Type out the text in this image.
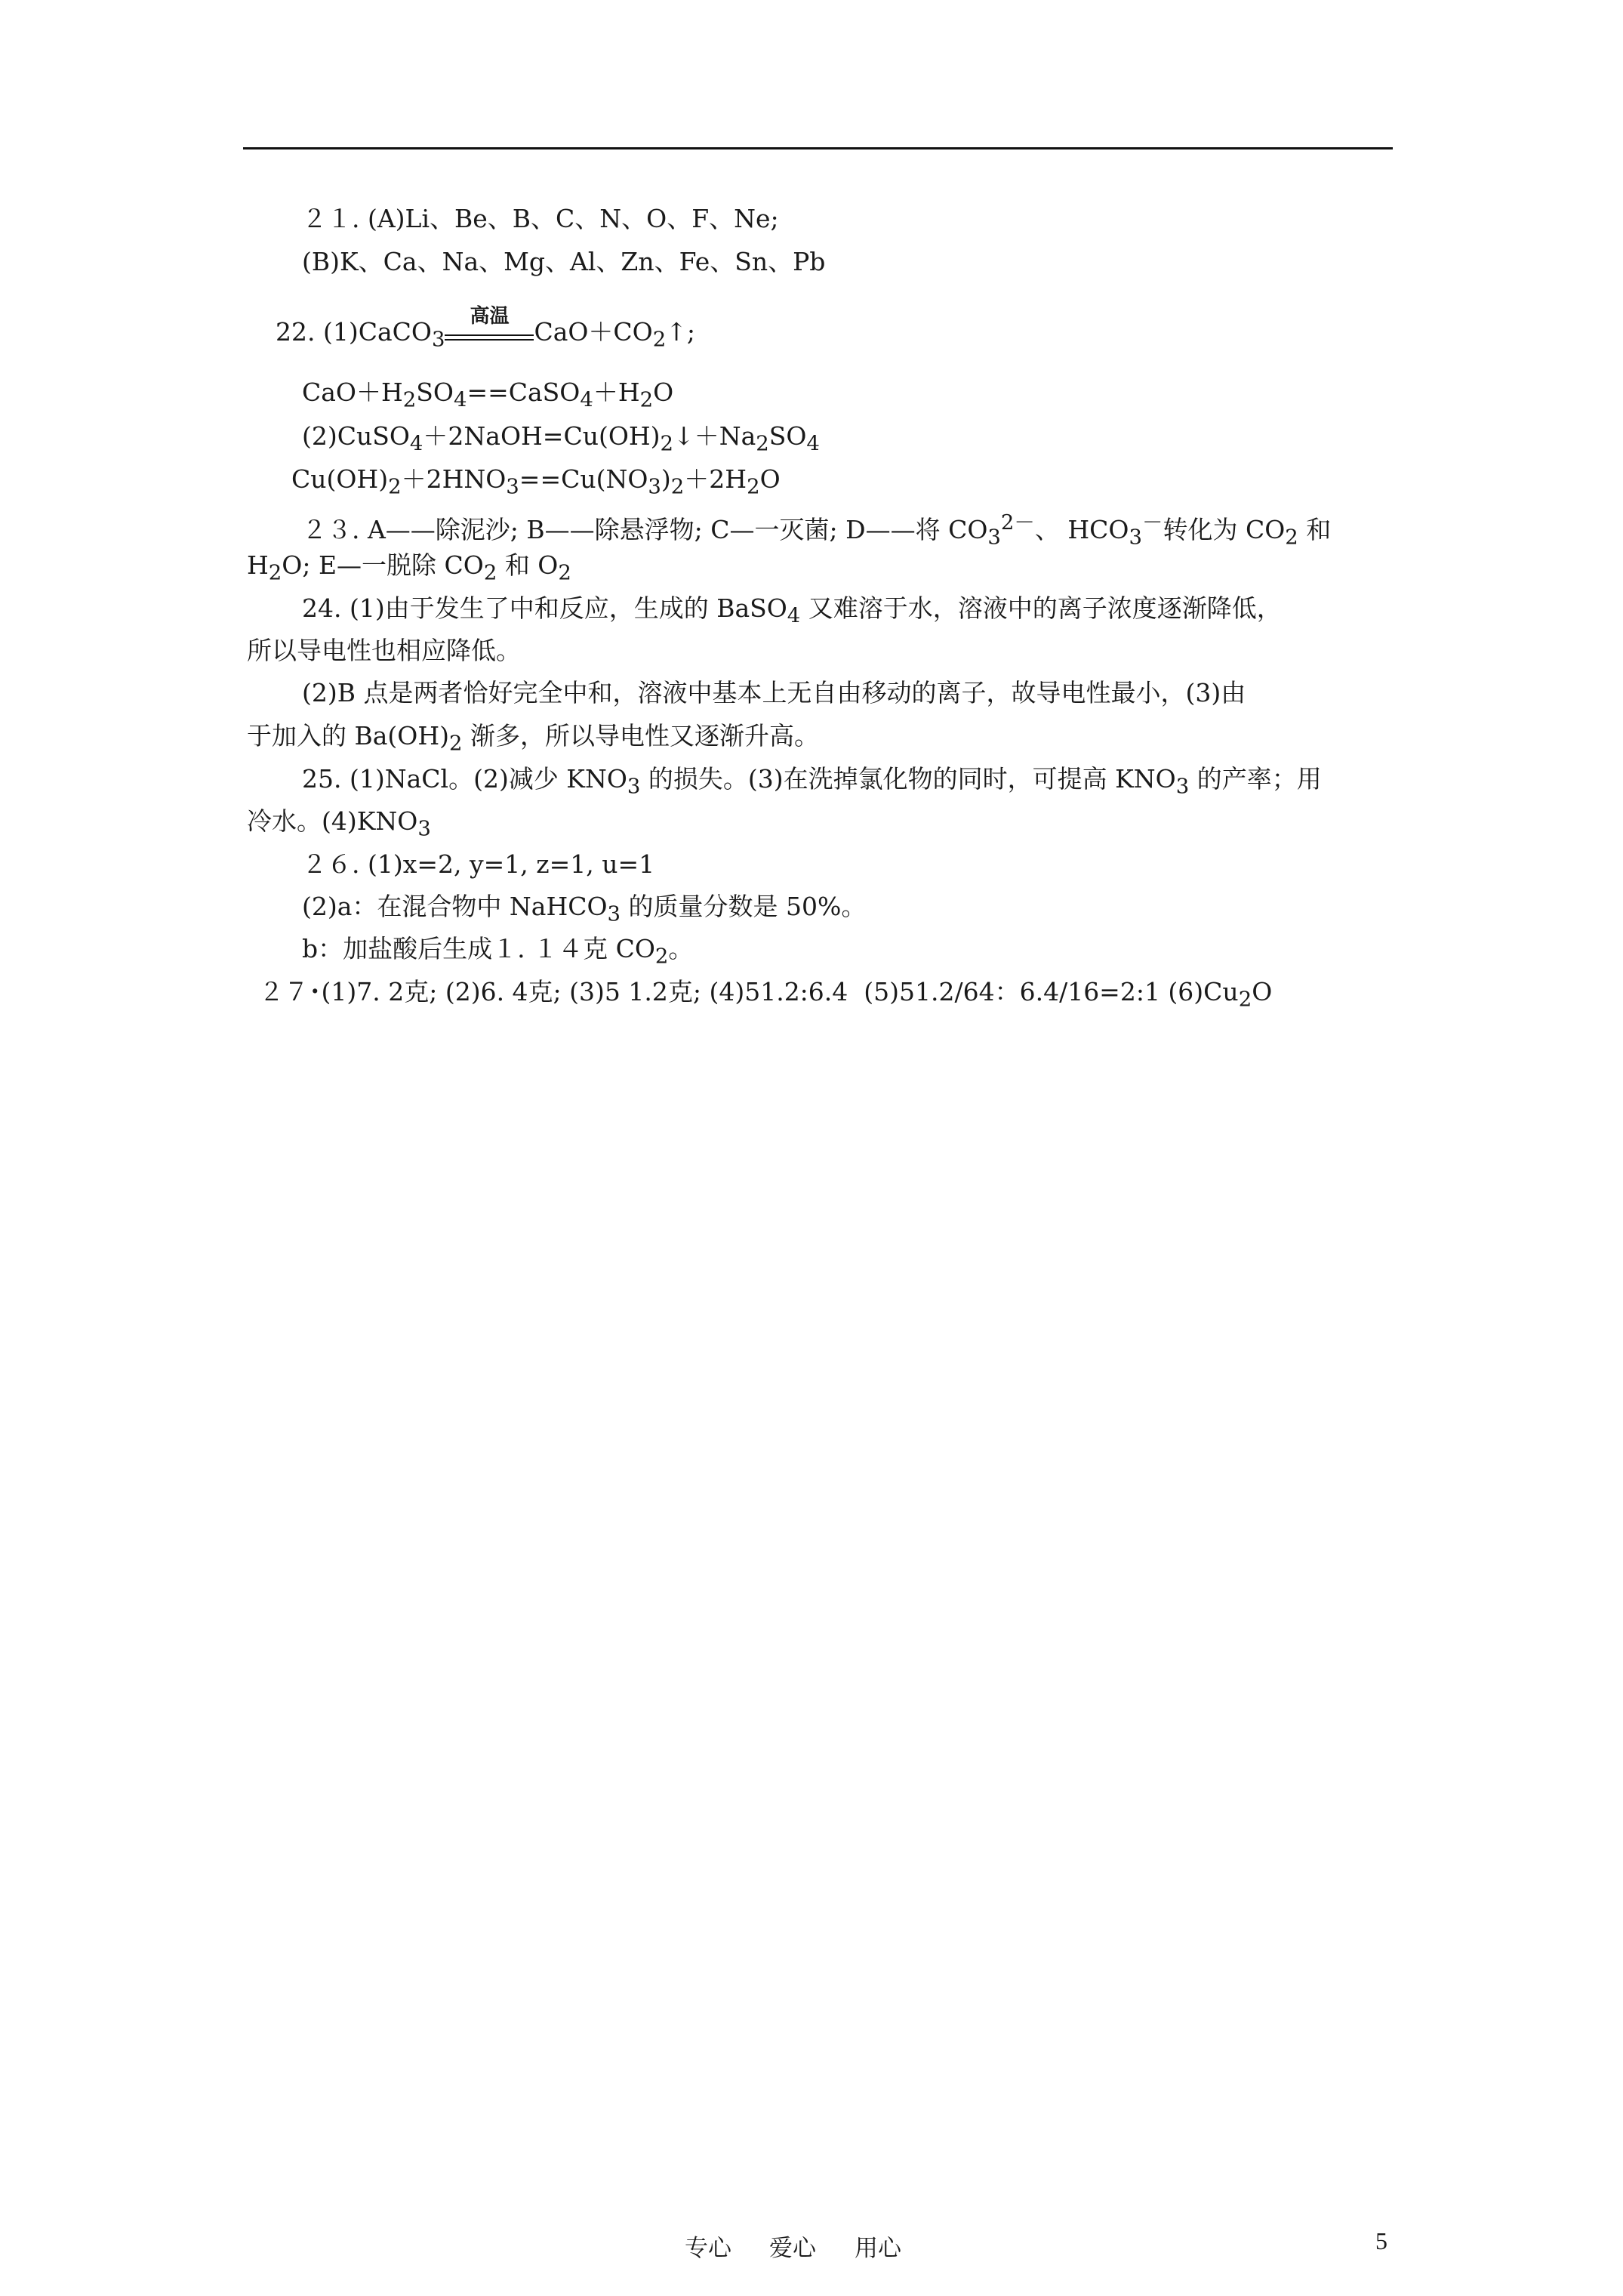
２１. (A)Li、Be、B、C、N、O、F、Ne;
(B)K、Ca、Na、Mg、Al、Zn、Fe、Sn、Pb
22. (1)CaCO$_3$
高温
$CaO+CO_2↑$;
$CaO+H_2SO_4==CaSO_4+H_2O$
$(2)CuSO_4+2NaOH=Cu(OH)_2↓+Na_2SO_4$
$Cu(OH)_2+2HNO_3==Cu(NO_3)_2+2H_2O$
２３. A——除泥沙; B——除悬浮物; C—一灭菌; D——将 $CO_3^{2-}$、 $HCO_3^-$转化为 $CO_2$ 和
$H_2O$; E—一脱除 $CO_2$ 和 $O_2$
24. (1)由于发生了中和反应，生成的 BaSO$_4$ 又难溶于水，溶液中的离子浓度逐渐降低，
所以导电性也相应降低。
(2)B 点是两者恰好完全中和，溶液中基本上无自由移动的离子，故导电性最小，(3)由
于加入的 $Ba(OH)_2$ 渐多，所以导电性又逐渐升高。
25. (1)NaCl。(2)减少 $KNO_3$ 的损失。(3)在洗掉氯化物的同时，可提高 $KNO_3$ 的产率；用
冷水。$(4)KNO_3$
２６. (1)x=2, y=1, z=1, u=1
(2)a：在混合物中 NaHCO$_3$ 的质量分数是 50%。
b：加盐酸后生成１. １４克 $CO_2$。
２７･(1)7. 2克; (2)6. 4克; (3)5 1.2克; (4)51.2:6.4  (5)51.2/64：6.4/16=2:1 $(6)Cu_2O$
专心 爱心 用心	5
